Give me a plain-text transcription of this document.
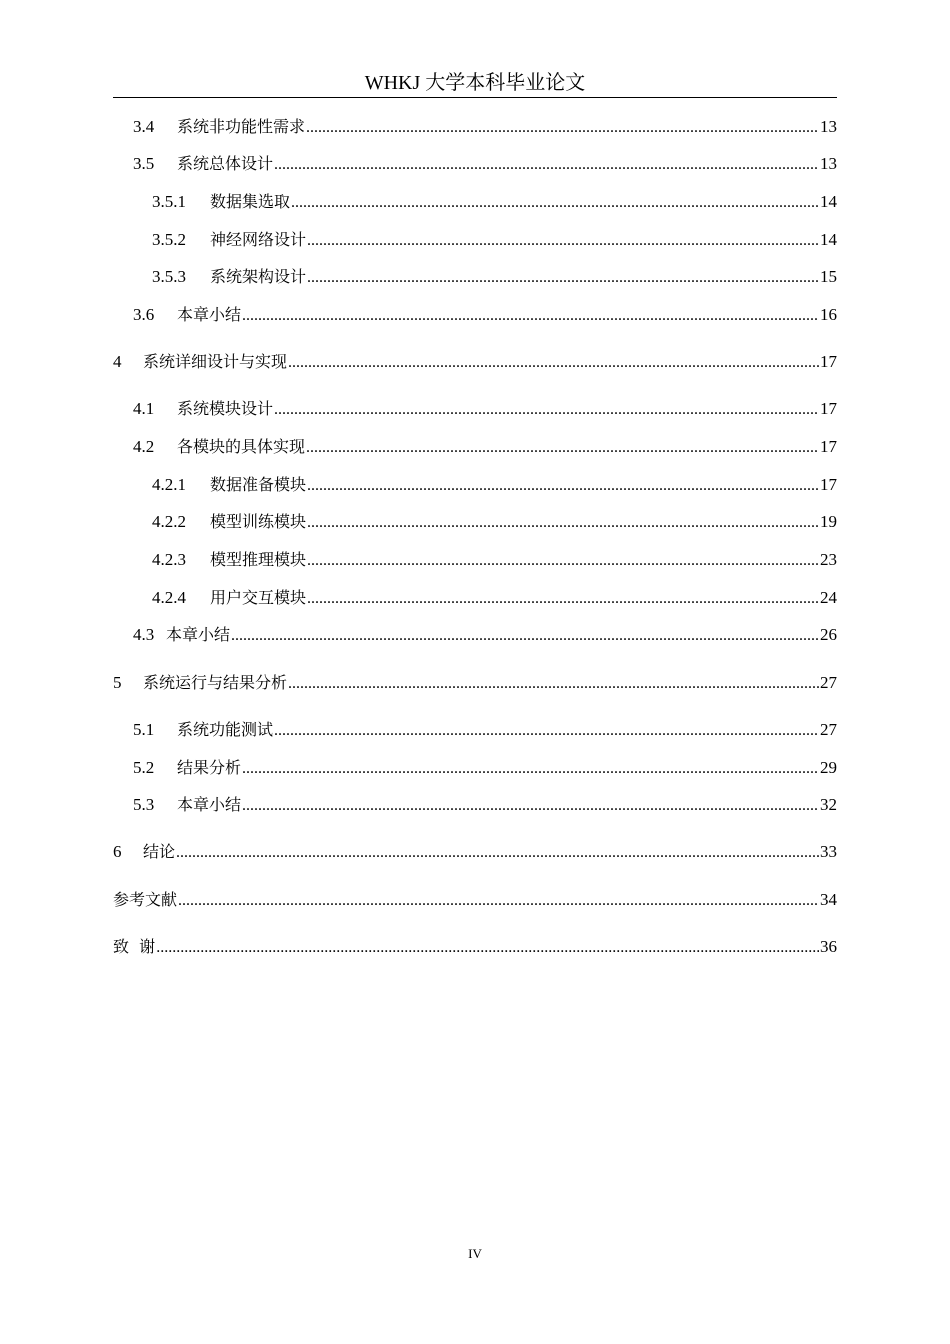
WHKJ 大学本科毕业论文
3.4	系统非功能性需求 .....	13
3.5	系统总体设计 .....	13
3.5.1	数据集选取 .....	14
3.5.2	神经网络设计 .....	14
3.5.3	系统架构设计 .....	15
3.6	本章小结 .....	16
4	系统详细设计与实现 .....	17
4.1	系统模块设计 .....	17
4.2	各模块的具体实现 .....	17
4.2.1	数据准备模块 .....	17
4.2.2	模型训练模块 .....	19
4.2.3	模型推理模块 .....	23
4.2.4	用户交互模块 .....	24
4.3 本章小结 .....	26
5	系统运行与结果分析 .....	27
5.1	系统功能测试 .....	27
5.2	结果分析 .....	29
5.3	本章小结 .....	32
6	结论 .....	33
参考文献 .....	34
致  谢 .....	36
IV
